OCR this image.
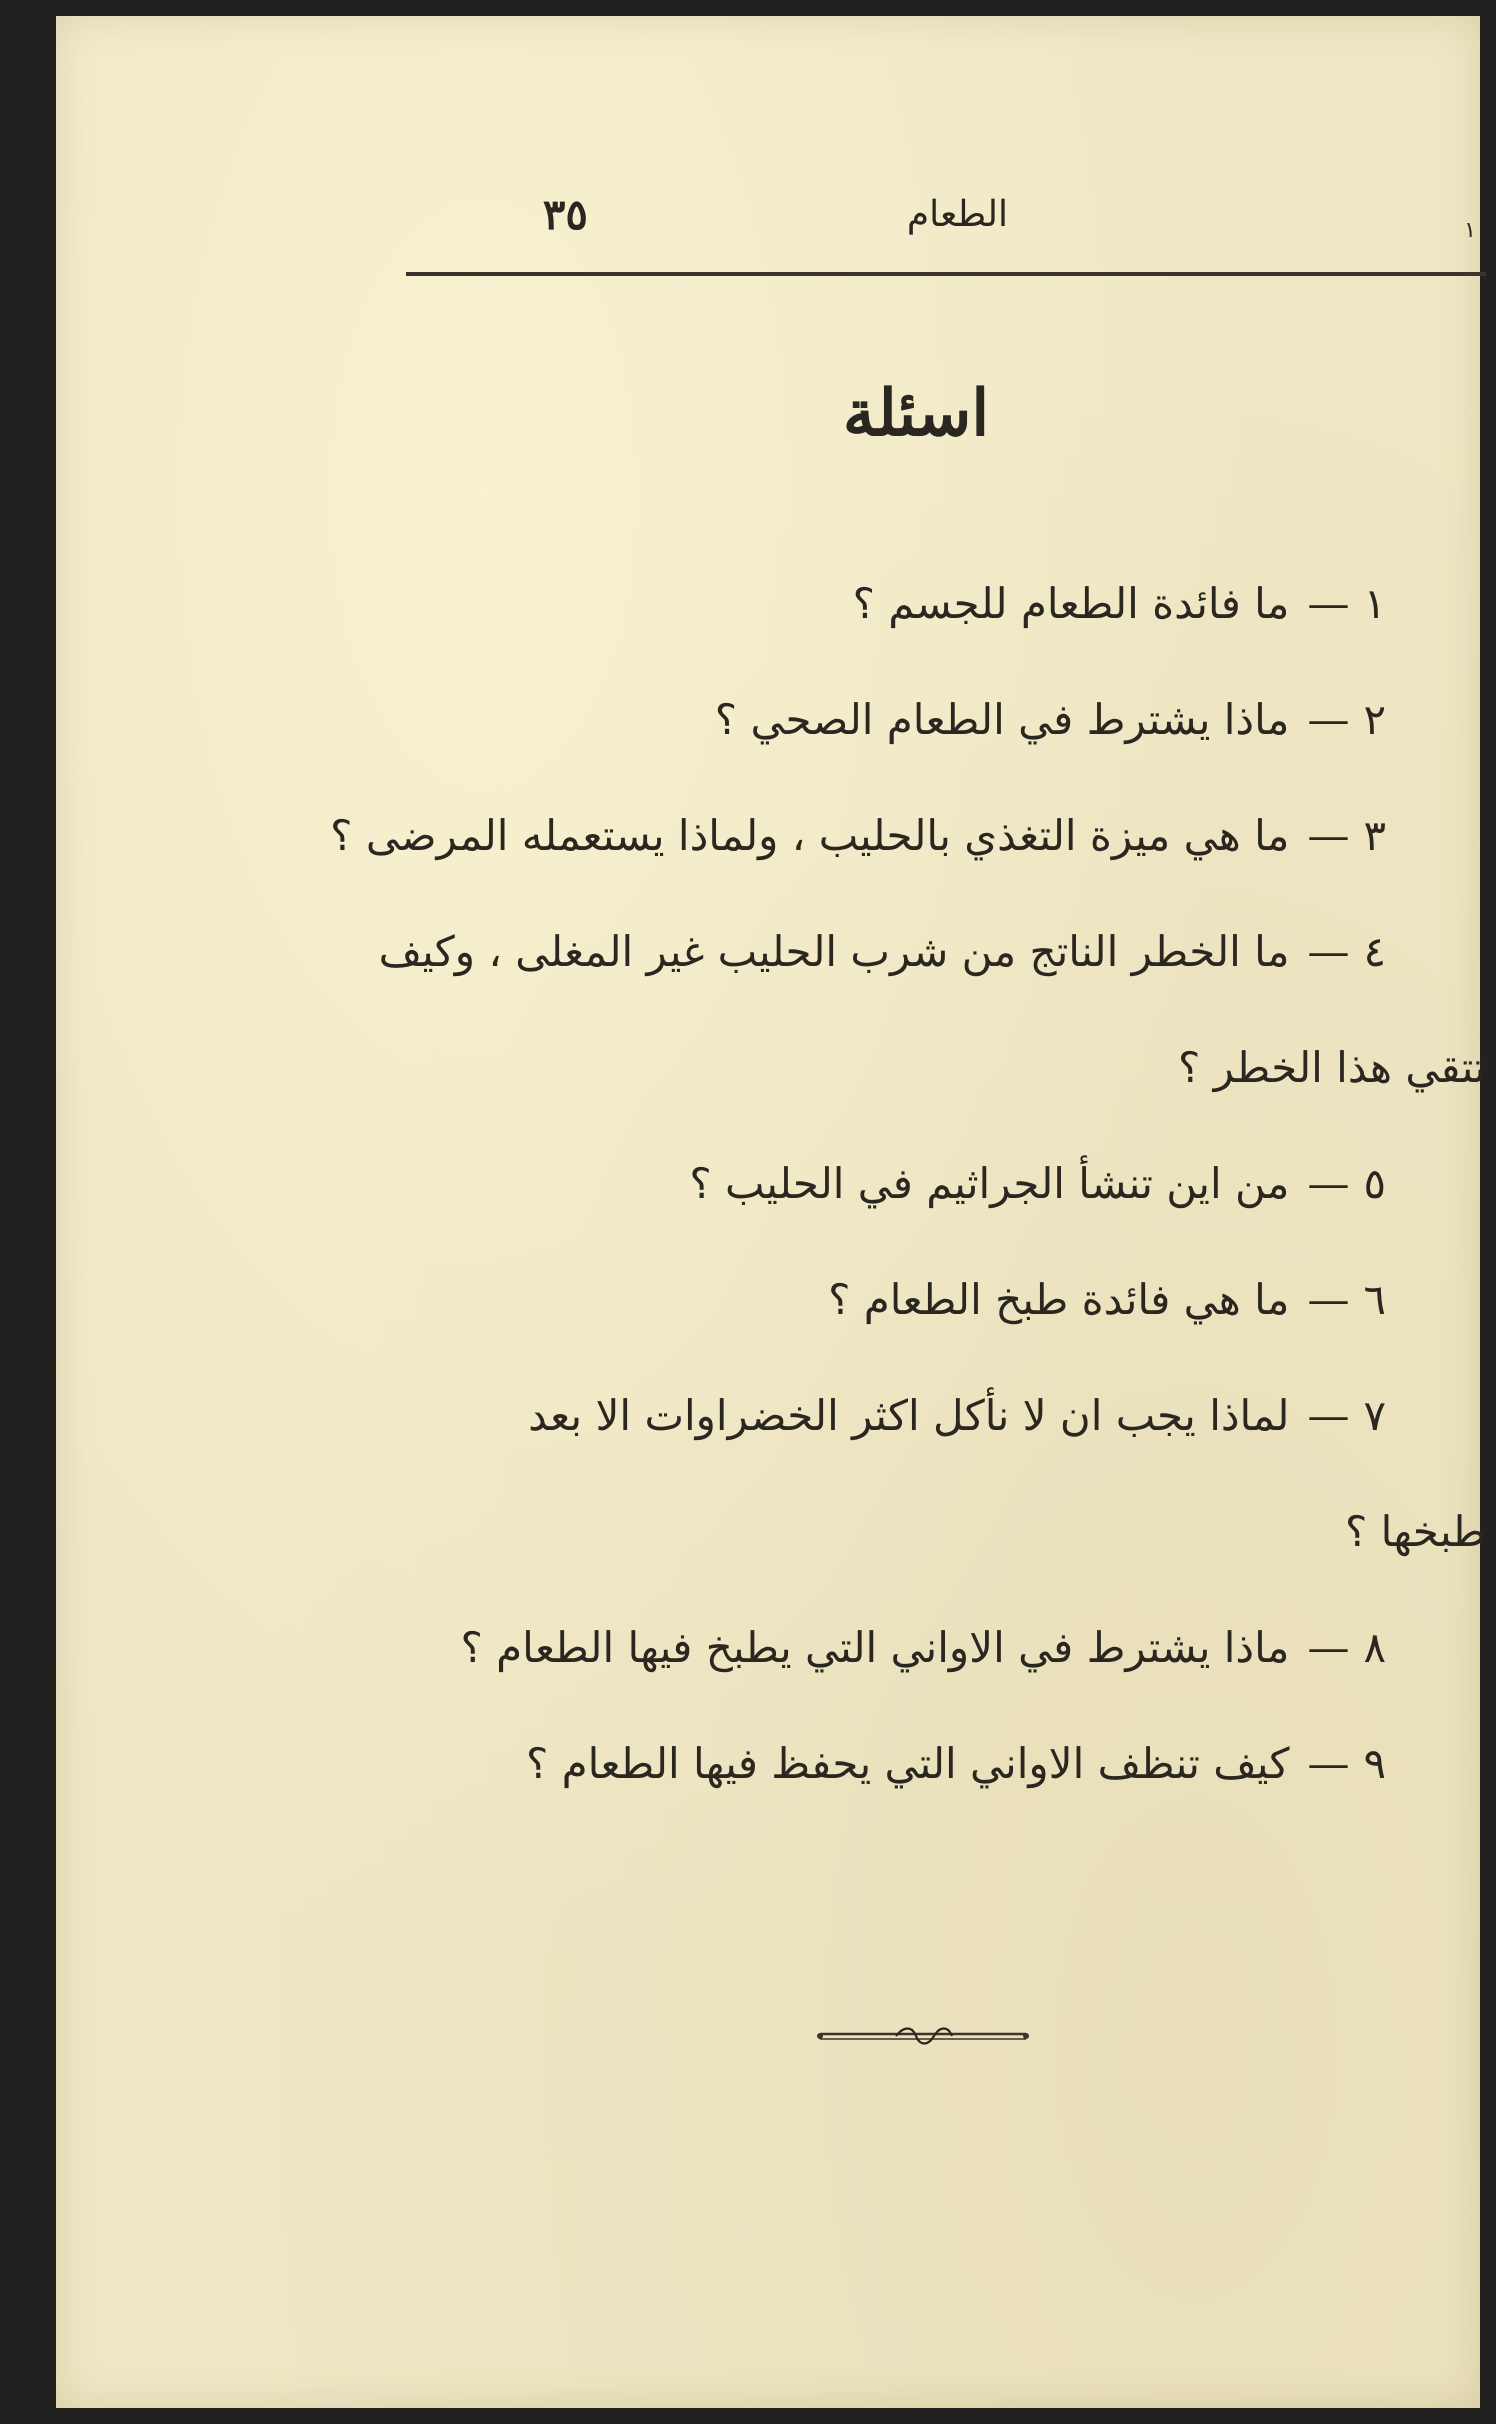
الطعام
٣٥	١
اسئلة
١—ما فائدة الطعام للجسم ؟
٢—ماذا يشترط في الطعام الصحي ؟
٣—ما هي ميزة التغذي بالحليب ، ولماذا يستعمله المرضى ؟
٤—ما الخطر الناتج من شرب الحليب غير المغلى ، وكيف
تتقي هذا الخطر ؟
٥—من اين تنشأ الجراثيم في الحليب ؟
٦—ما هي فائدة طبخ الطعام ؟
٧—لماذا يجب ان لا نأكل اكثر الخضراوات الا بعد
طبخها ؟
٨—ماذا يشترط في الاواني التي يطبخ فيها الطعام ؟
٩—كيف تنظف الاواني التي يحفظ فيها الطعام ؟
